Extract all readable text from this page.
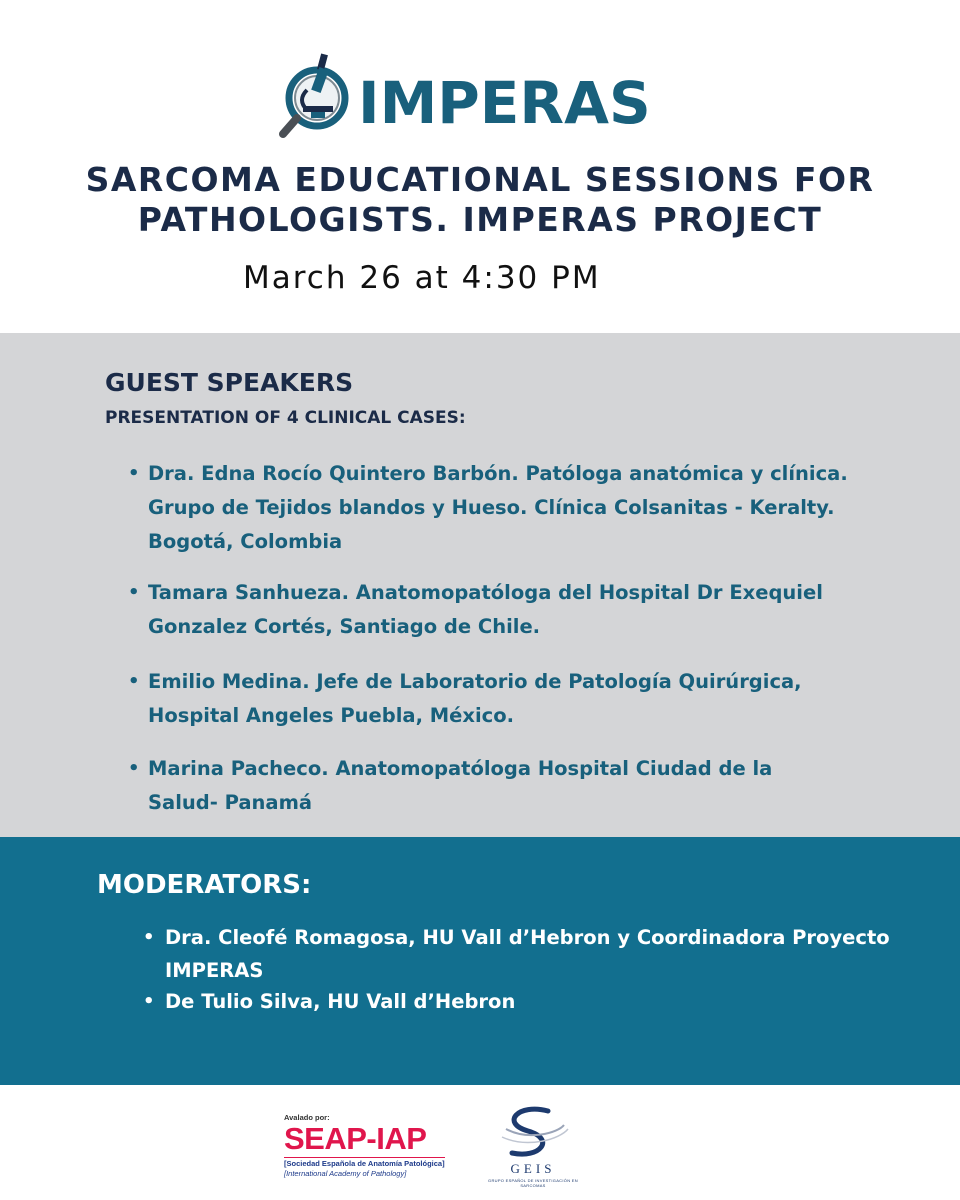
IMPERAS
SARCOMA EDUCATIONAL SESSIONS FOR
PATHOLOGISTS. IMPERAS PROJECT
March 26 at 4:30 PM
GUEST SPEAKERS
PRESENTATION OF 4 CLINICAL CASES:
• Dra. Edna Rocío Quintero Barbón. Patóloga anatómica y clínica. Grupo de Tejidos blandos y Hueso. Clínica Colsanitas - Keralty. Bogotá, Colombia
• Tamara Sanhueza. Anatomopatóloga del Hospital Dr Exequiel Gonzalez Cortés, Santiago de Chile.
• Emilio Medina. Jefe de Laboratorio de Patología Quirúrgica, Hospital Angeles Puebla, México.
• Marina Pacheco. Anatomopatóloga Hospital Ciudad de la Salud- Panamá
MODERATORS:
• Dra. Cleofé Romagosa, HU Vall d’Hebron y Coordinadora Proyecto IMPERAS
• De Tulio Silva, HU Vall d’Hebron
Avalado por:
SEAP-IAP
[Sociedad Española de Anatomía Patológica]
[International Academy of Pathology]	GEIS
GRUPO ESPAÑOL DE INVESTIGACIÓN EN SARCOMAS
